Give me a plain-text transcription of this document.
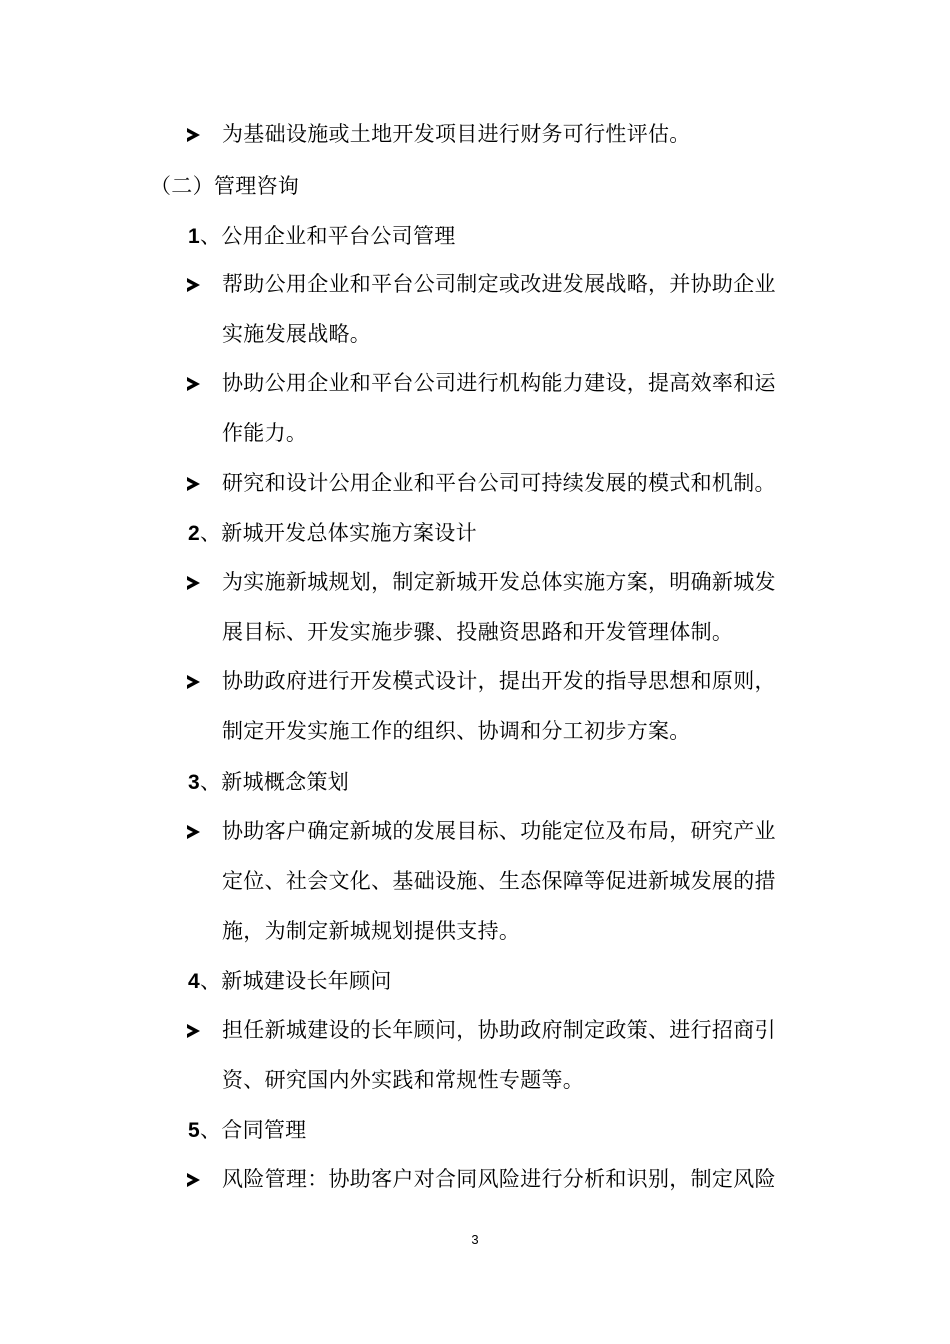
为基础设施或土地开发项目进行财务可行性评估。
（二）管理咨询
1、公用企业和平台公司管理
帮助公用企业和平台公司制定或改进发展战略，并协助企业
实施发展战略。
协助公用企业和平台公司进行机构能力建设，提高效率和运
作能力。
研究和设计公用企业和平台公司可持续发展的模式和机制。
2、新城开发总体实施方案设计
为实施新城规划，制定新城开发总体实施方案，明确新城发
展目标、开发实施步骤、投融资思路和开发管理体制。
协助政府进行开发模式设计，提出开发的指导思想和原则，
制定开发实施工作的组织、协调和分工初步方案。
3、新城概念策划
协助客户确定新城的发展目标、功能定位及布局，研究产业
定位、社会文化、基础设施、生态保障等促进新城发展的措
施，为制定新城规划提供支持。
4、新城建设长年顾问
担任新城建设的长年顾问，协助政府制定政策、进行招商引
资、研究国内外实践和常规性专题等。
5、合同管理
风险管理：协助客户对合同风险进行分析和识别，制定风险
3
